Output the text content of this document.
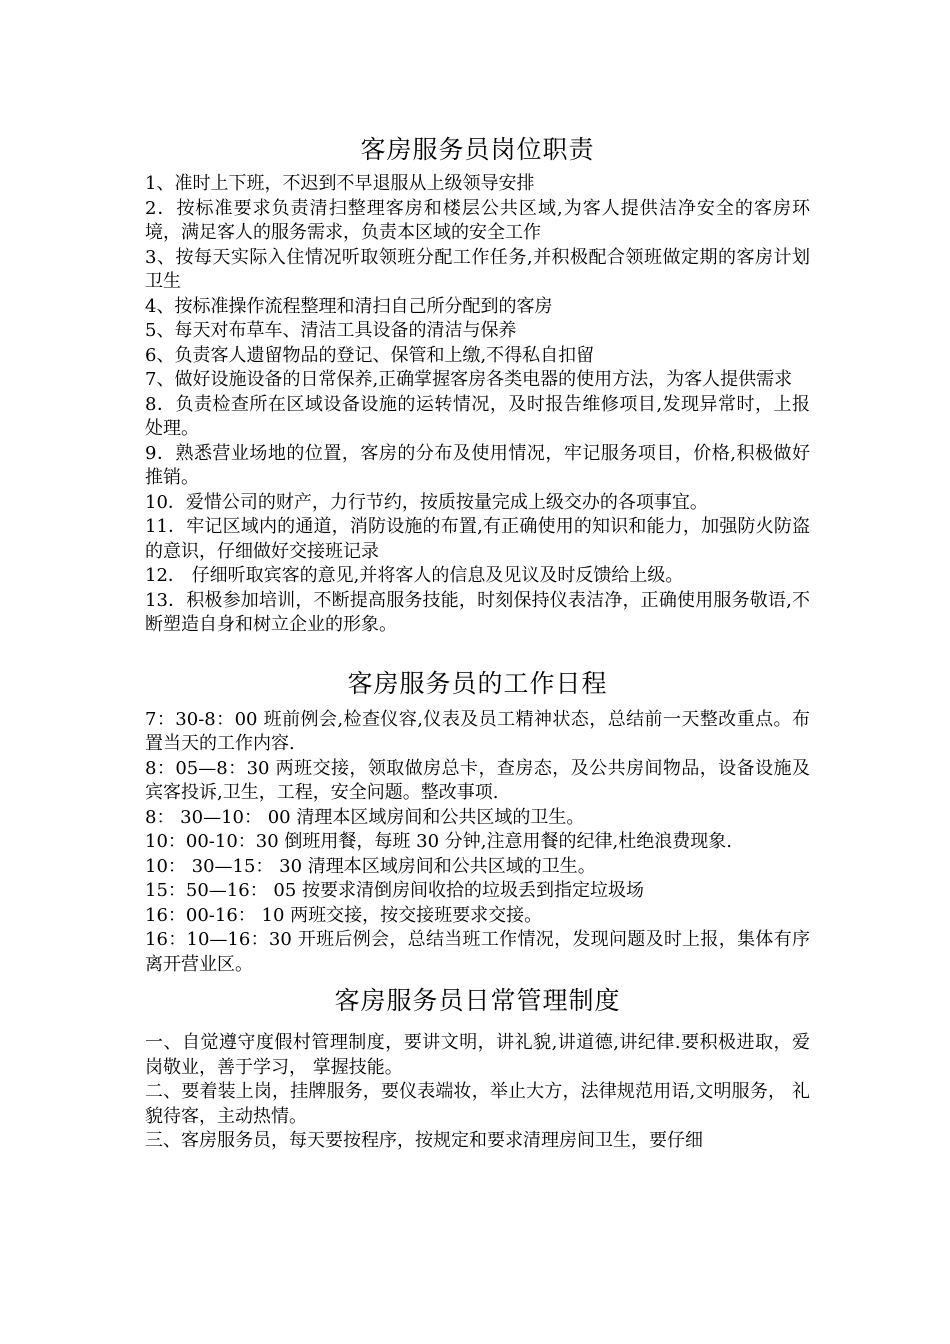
客房服务员岗位职责

1、准时上下班，不迟到不早退服从上级领导安排

2．按标准要求负责清扫整理客房和楼层公共区域,为客人提供洁净安全的客房环境，满足客人的服务需求，负责本区域的安全工作

3、按每天实际入住情况听取领班分配工作任务,并积极配合领班做定期的客房计划卫生

4、按标准操作流程整理和清扫自己所分配到的客房

5、每天对布草车、清洁工具设备的清洁与保养

6、负责客人遗留物品的登记、保管和上缴,不得私自扣留

7、做好设施设备的日常保养,正确掌握客房各类电器的使用方法，为客人提供需求

8．负责检查所在区域设备设施的运转情况，及时报告维修项目,发现异常时，上报处理。

9．熟悉营业场地的位置，客房的分布及使用情况，牢记服务项目，价格,积极做好推销。

10．爱惜公司的财产，力行节约，按质按量完成上级交办的各项事宜。

11．牢记区域内的通道，消防设施的布置,有正确使用的知识和能力，加强防火防盗的意识，仔细做好交接班记录

12． 仔细听取宾客的意见,并将客人的信息及见议及时反馈给上级。

13．积极参加培训，不断提高服务技能，时刻保持仪表洁净，正确使用服务敬语,不断塑造自身和树立企业的形象。

客房服务员的工作日程

7：30-8：00 班前例会,检查仪容,仪表及员工精神状态，总结前一天整改重点。布置当天的工作内容.

8：05—8：30 两班交接，领取做房总卡，查房态，及公共房间物品，设备设施及宾客投诉,卫生，工程，安全问题。整改事项.

8： 30—10： 00 清理本区域房间和公共区域的卫生。

10：00-10：30 倒班用餐，每班 30 分钟,注意用餐的纪律,杜绝浪费现象.

10： 30—15： 30 清理本区域房间和公共区域的卫生。

15：50—16： 05 按要求清倒房间收拾的垃圾丢到指定垃圾场

16：00-16： 10 两班交接，按交接班要求交接。

16：10—16：30 开班后例会，总结当班工作情况，发现问题及时上报，集体有序离开营业区。

客房服务员日常管理制度

一、自觉遵守度假村管理制度，要讲文明，讲礼貌,讲道德,讲纪律.要积极进取，爱岗敬业，善于学习， 掌握技能。

二、要着装上岗，挂牌服务，要仪表端妆，举止大方，法律规范用语,文明服务， 礼貌待客，主动热情。

三、客房服务员，每天要按程序，按规定和要求清理房间卫生，要仔细
